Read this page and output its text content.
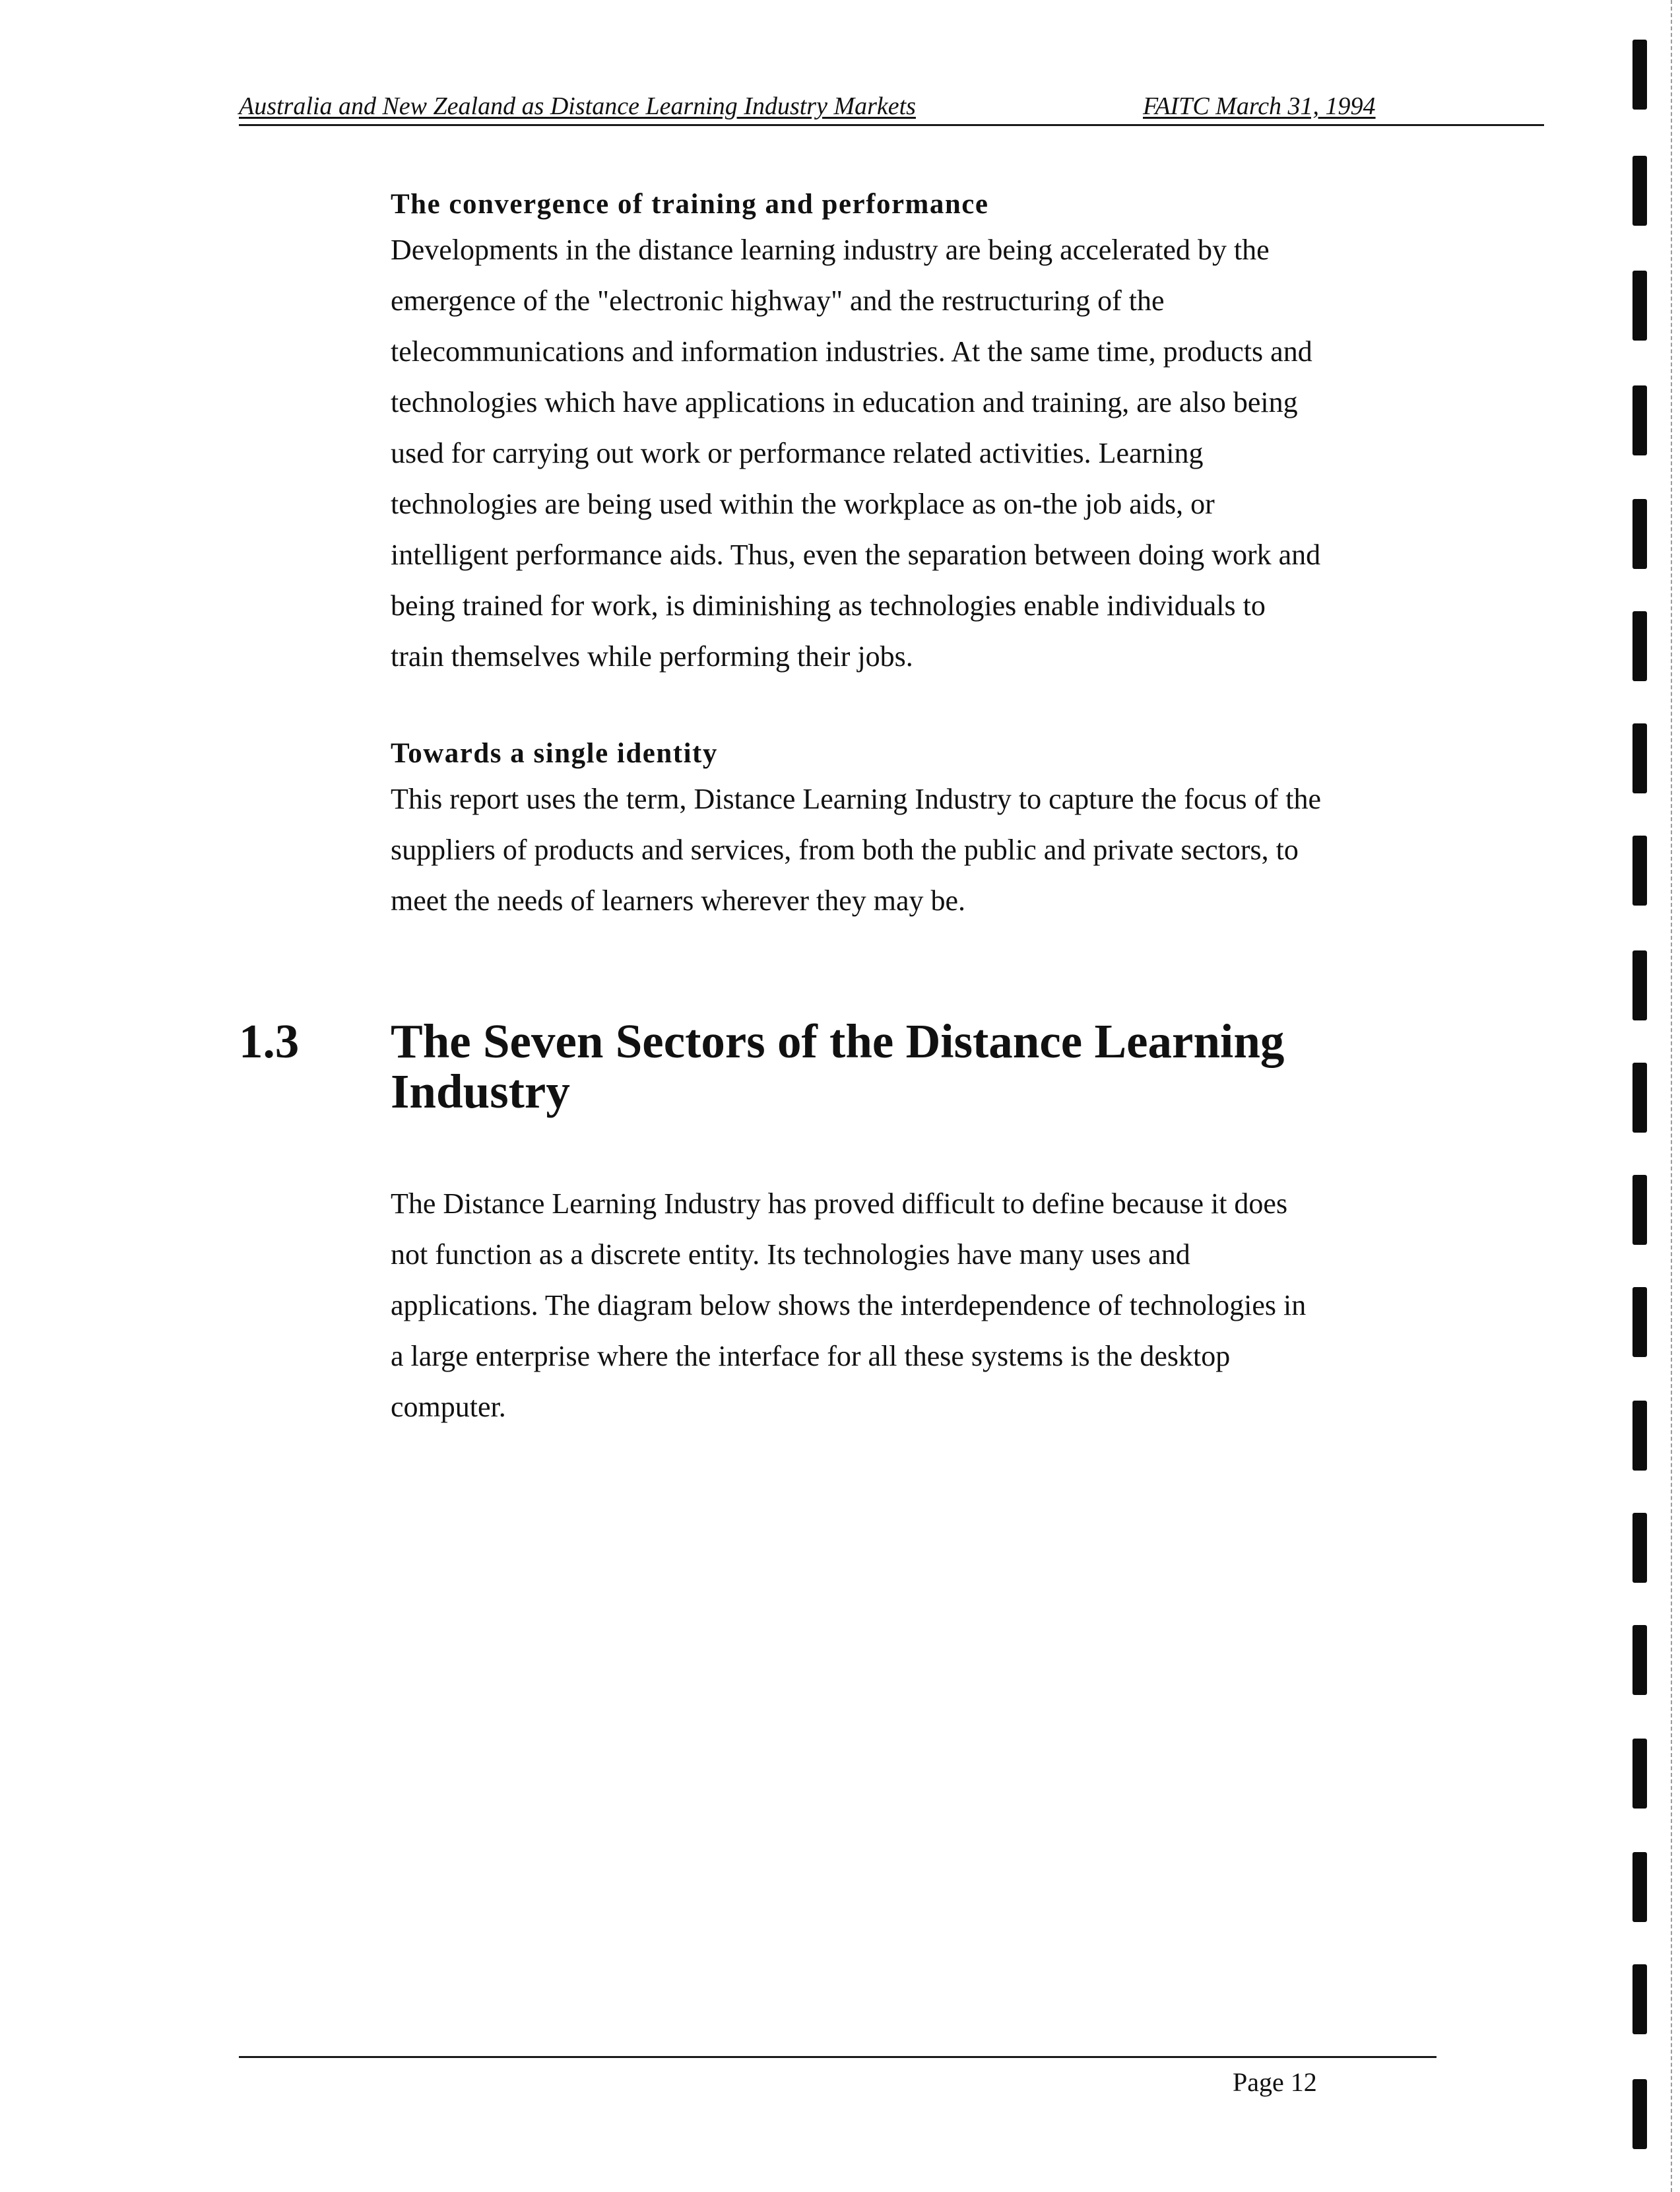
Australia and New Zealand as Distance Learning Industry Markets	FAITC March 31, 1994

The convergence of training and performance

Developments in the distance learning industry are being accelerated by the
emergence of the "electronic highway" and the restructuring of the
telecommunications and information industries. At the same time, products and
technologies which have applications in education and training, are also being
used for carrying out work or performance related activities. Learning
technologies are being used within the workplace as on-the job aids, or
intelligent performance aids. Thus, even the separation between doing work and
being trained for work, is diminishing as technologies enable individuals to
train themselves while performing their jobs.

Towards a single identity

This report uses the term, Distance Learning Industry to capture the focus of the
suppliers of products and services, from both the public and private sectors, to
meet the needs of learners wherever they may be.
1.3 The Seven Sectors of the Distance Learning
Industry
The Distance Learning Industry has proved difficult to define because it does
not function as a discrete entity. Its technologies have many uses and
applications. The diagram below shows the interdependence of technologies in
a large enterprise where the interface for all these systems is the desktop
computer.
Page 12
